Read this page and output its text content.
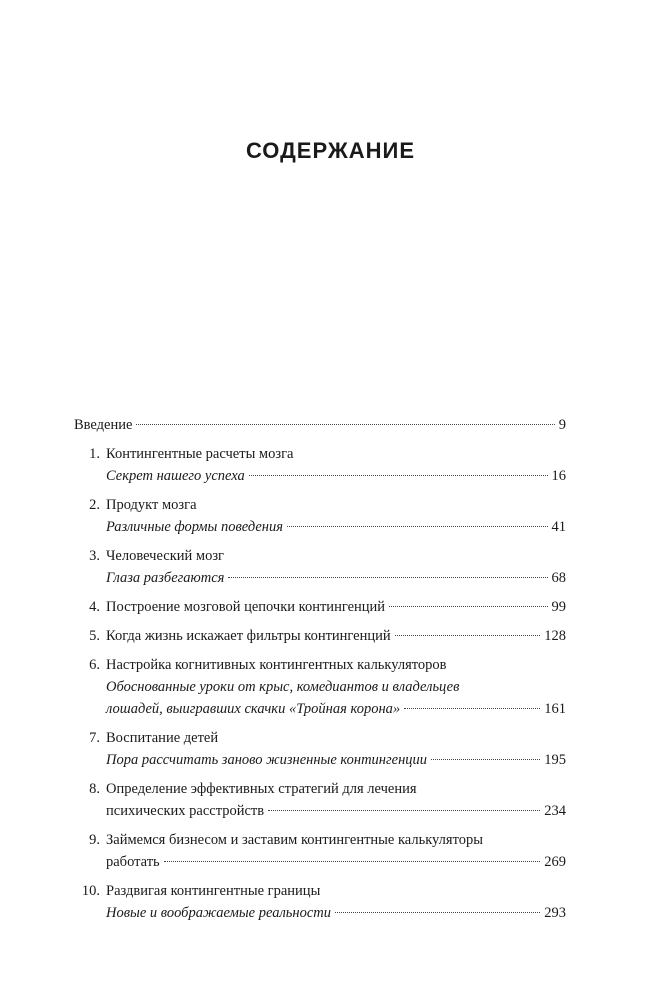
СОДЕРЖАНИЕ
Введение	9
1. Контингентные расчеты мозга
Секрет нашего успеха	16
2. Продукт мозга
Различные формы поведения	41
3. Человеческий мозг
Глаза разбегаются	68
4. Построение мозговой цепочки контингенций	99
5. Когда жизнь искажает фильтры контингенций	128
6. Настройка когнитивных контингентных калькуляторов
Обоснованные уроки от крыс, комедиантов и владельцев
лошадей, выигравших скачки «Тройная корона»	161
7. Воспитание детей
Пора рассчитать заново жизненные контингенции	195
8. Определение эффективных стратегий для лечения
психических расстройств	234
9. Займемся бизнесом и заставим контингентные калькуляторы
работать	269
10. Раздвигая контингентные границы
Новые и воображаемые реальности	293
